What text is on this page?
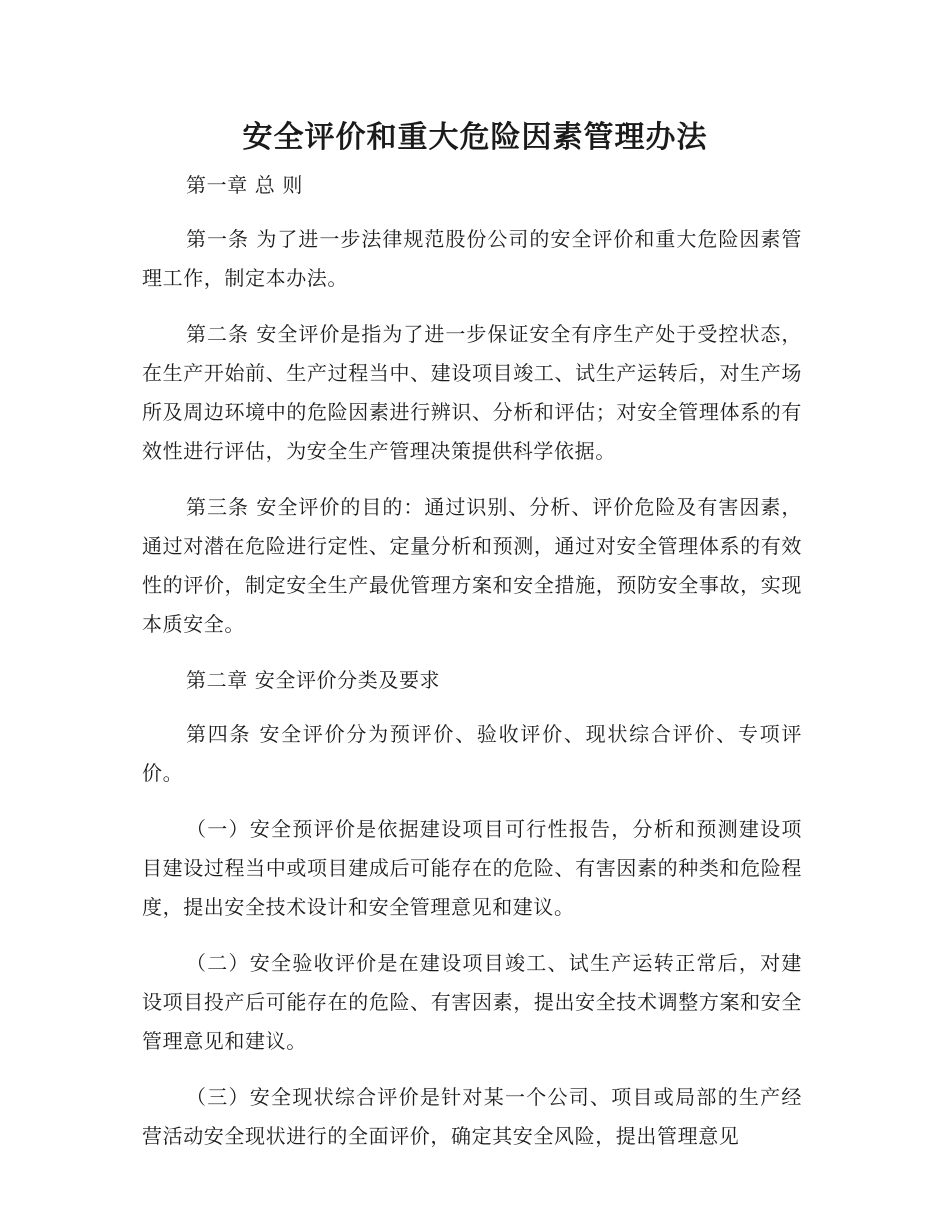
安全评价和重大危险因素管理办法

第一章 总 则

第一条 为了进一步法律规范股份公司的安全评价和重大危险因素管理工作，制定本办法。

第二条 安全评价是指为了进一步保证安全有序生产处于受控状态，在生产开始前、生产过程当中、建设项目竣工、试生产运转后，对生产场所及周边环境中的危险因素进行辨识、分析和评估；对安全管理体系的有效性进行评估，为安全生产管理决策提供科学依据。

第三条 安全评价的目的：通过识别、分析、评价危险及有害因素，通过对潜在危险进行定性、定量分析和预测，通过对安全管理体系的有效性的评价，制定安全生产最优管理方案和安全措施，预防安全事故，实现本质安全。

第二章 安全评价分类及要求

第四条 安全评价分为预评价、验收评价、现状综合评价、专项评价。

（一）安全预评价是依据建设项目可行性报告，分析和预测建设项目建设过程当中或项目建成后可能存在的危险、有害因素的种类和危险程度，提出安全技术设计和安全管理意见和建议。

（二）安全验收评价是在建设项目竣工、试生产运转正常后，对建设项目投产后可能存在的危险、有害因素，提出安全技术调整方案和安全管理意见和建议。

（三）安全现状综合评价是针对某一个公司、项目或局部的生产经营活动安全现状进行的全面评价，确定其安全风险，提出管理意见
